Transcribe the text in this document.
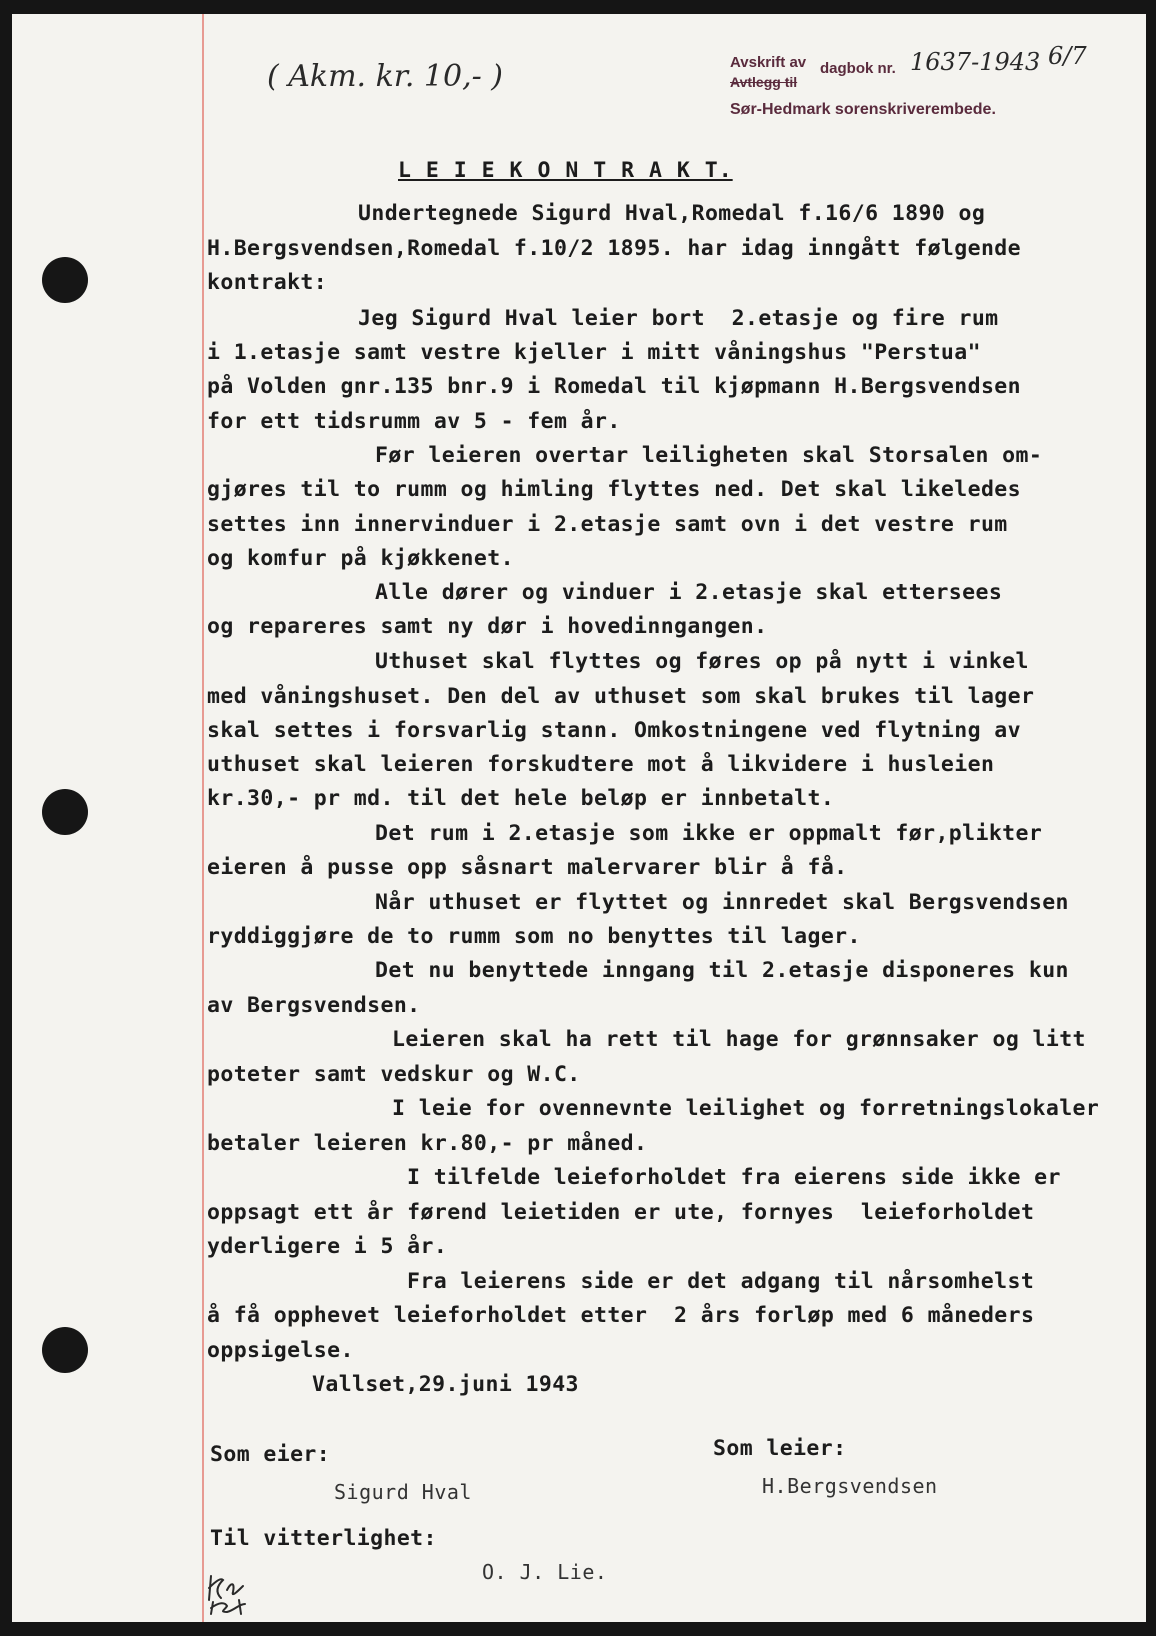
( Akm. kr. 10,- )	Avskrift av dagbok nr. 1637-1943 6/7
Avtlegg til
Sør-Hedmark sorenskriverembede.
L E I E K O N T R A K T.
Undertegnede Sigurd Hval,Romedal f.16/6 1890 og
H.Bergsvendsen,Romedal f.10/2 1895. har idag inngått følgende
kontrakt:
Jeg Sigurd Hval leier bort  2.etasje og fire rum
i 1.etasje samt vestre kjeller i mitt våningshus "Perstua"
på Volden gnr.135 bnr.9 i Romedal til kjøpmann H.Bergsvendsen
for ett tidsrumm av 5 - fem år.
Før leieren overtar leiligheten skal Storsalen om-
gjøres til to rumm og himling flyttes ned. Det skal likeledes
settes inn innervinduer i 2.etasje samt ovn i det vestre rum
og komfur på kjøkkenet.
Alle dører og vinduer i 2.etasje skal ettersees
og repareres samt ny dør i hovedinngangen.
Uthuset skal flyttes og føres op på nytt i vinkel
med våningshuset. Den del av uthuset som skal brukes til lager
skal settes i forsvarlig stann. Omkostningene ved flytning av
uthuset skal leieren forskudtere mot å likvidere i husleien
kr.30,- pr md. til det hele beløp er innbetalt.
Det rum i 2.etasje som ikke er oppmalt før,plikter
eieren å pusse opp såsnart malervarer blir å få.
Når uthuset er flyttet og innredet skal Bergsvendsen
ryddiggjøre de to rumm som no benyttes til lager.
Det nu benyttede inngang til 2.etasje disponeres kun
av Bergsvendsen.
Leieren skal ha rett til hage for grønnsaker og litt
poteter samt vedskur og W.C.
I leie for ovennevnte leilighet og forretningslokaler
betaler leieren kr.80,- pr måned.
I tilfelde leieforholdet fra eierens side ikke er
oppsagt ett år førend leietiden er ute, fornyes  leieforholdet
yderligere i 5 år.
Fra leierens side er det adgang til nårsomhelst
å få opphevet leieforholdet etter  2 års forløp med 6 måneders
oppsigelse.
Vallset,29.juni 1943
Som eier:
Sigurd Hval
Som leier:
H.Bergsvendsen
Til vitterlighet:
O. J. Lie.
